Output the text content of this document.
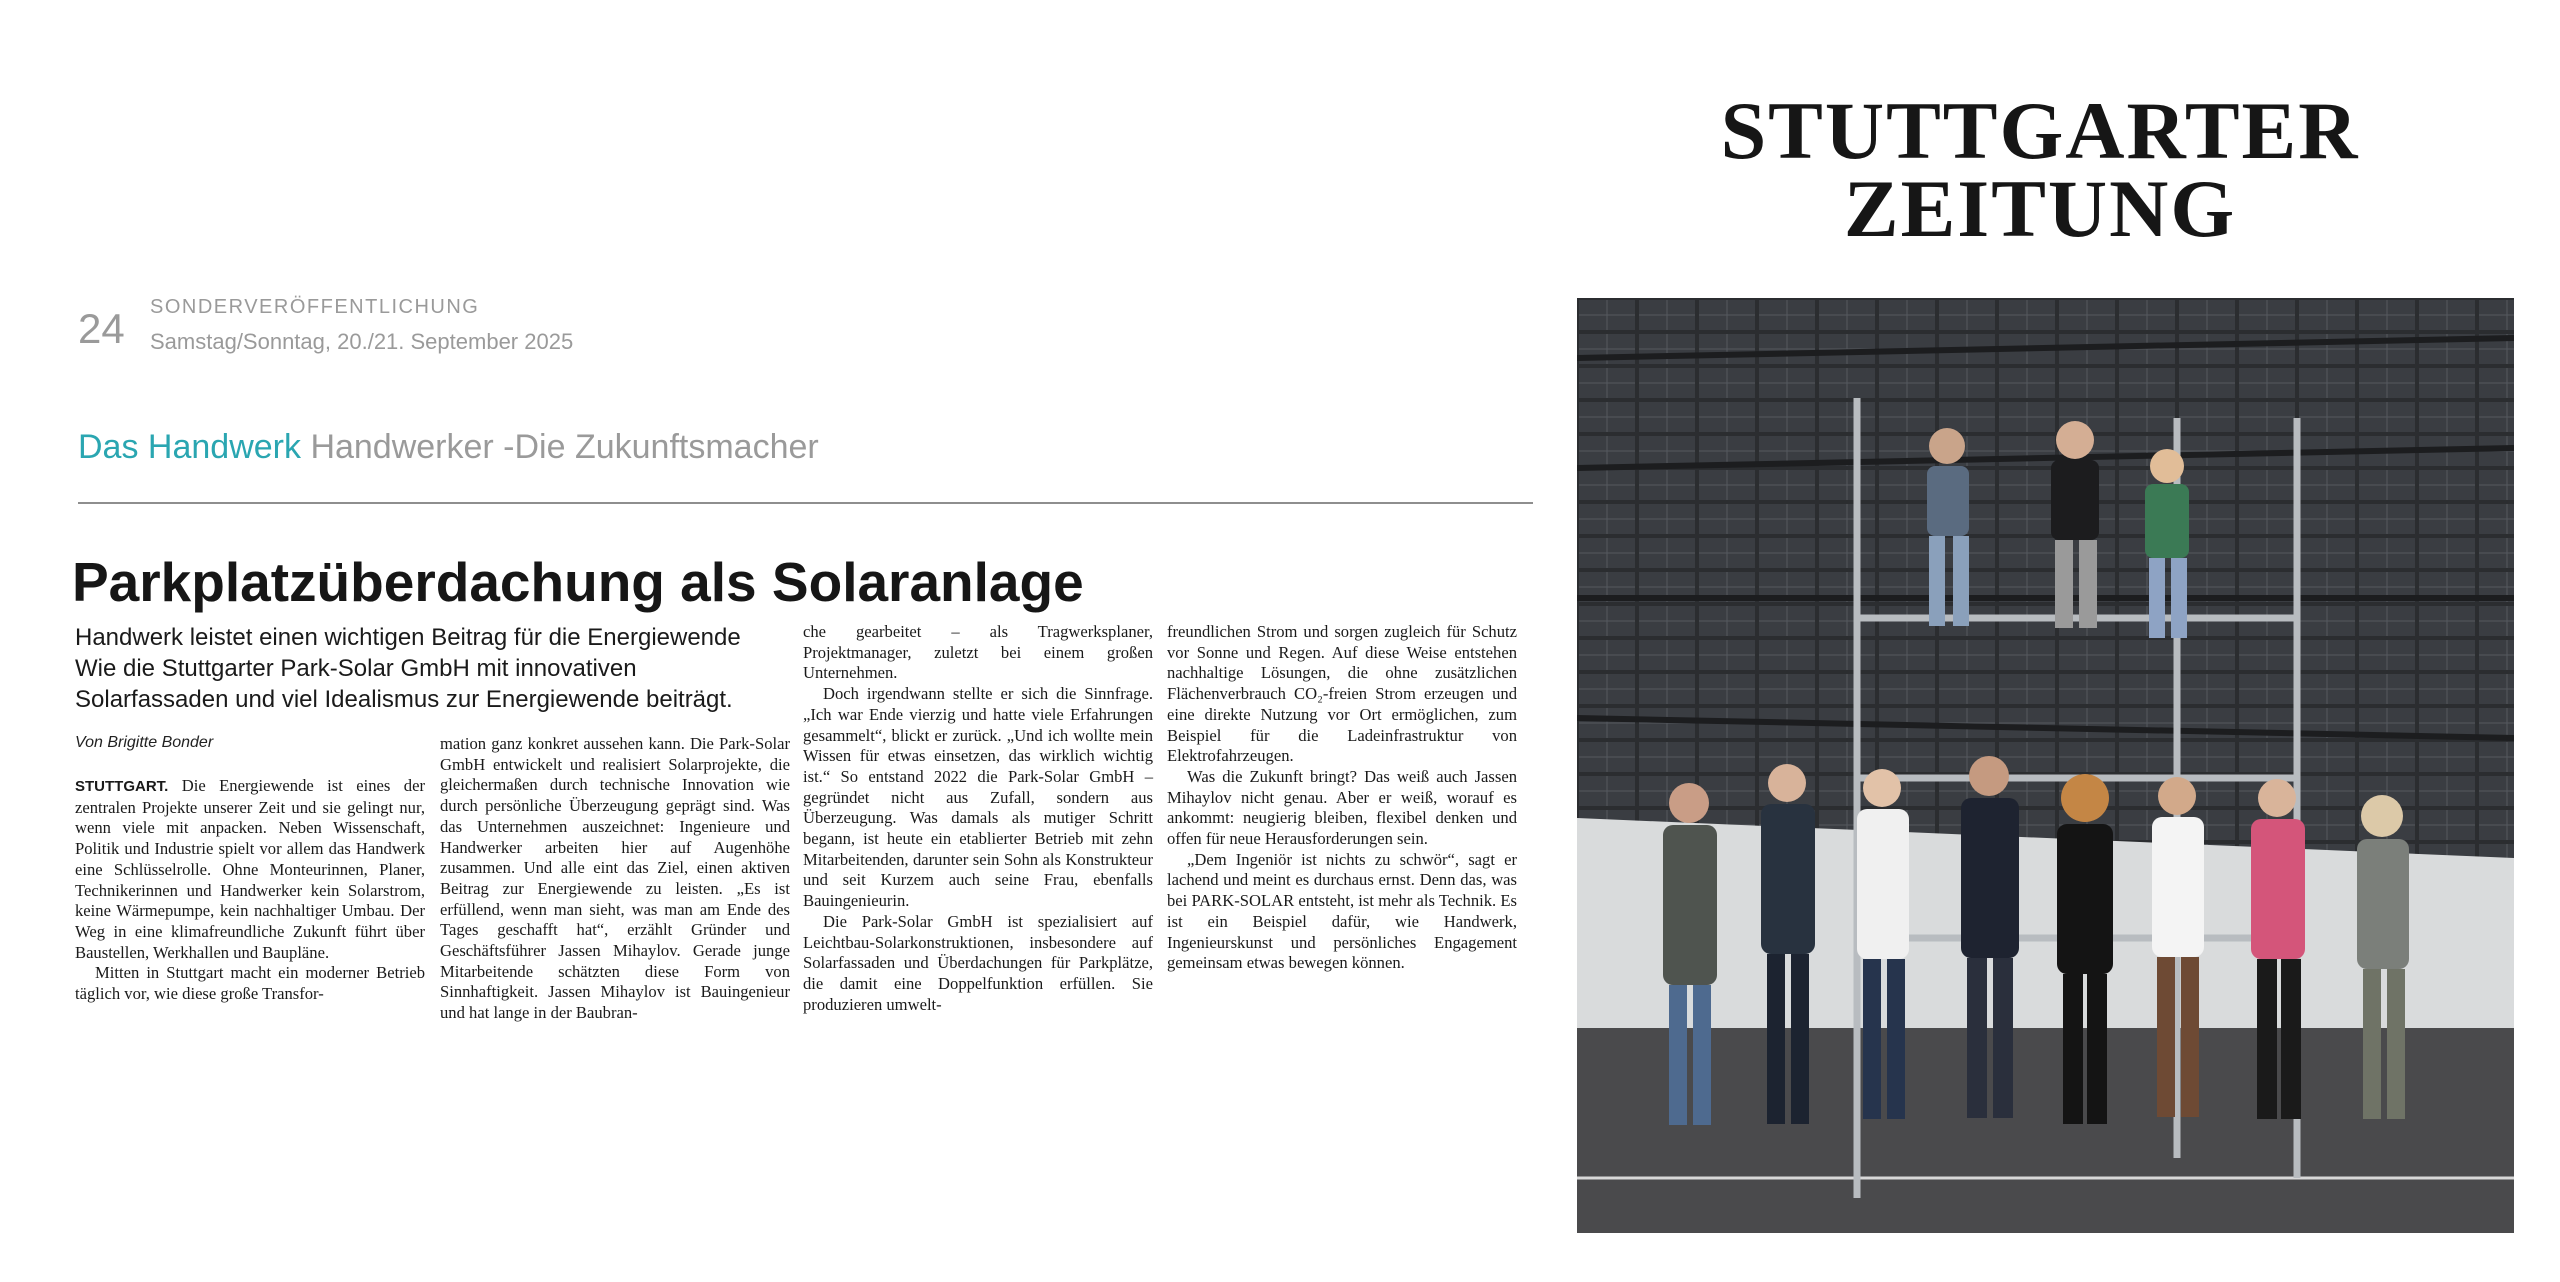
STUTTGARTER
ZEITUNG
24 SONDERVERÖFFENTLICHUNG
Samstag/Sonntag, 20./21. September 2025
Das Handwerk Handwerker -Die Zukunftsmacher
Parkplatzüberdachung als Solaranlage
Handwerk leistet einen wichtigen Beitrag für die Energiewende Wie die Stuttgarter Park-Solar GmbH mit innovativen Solarfassaden und viel Idealismus zur Energiewende beiträgt.
Von Brigitte Bonder

STUTTGART. Die Energiewende ist eines der zentralen Projekte unserer Zeit und sie gelingt nur, wenn viele mit anpacken. Neben Wissenschaft, Politik und Industrie spielt vor allem das Handwerk eine Schlüsselrolle. Ohne Monteurinnen, Planer, Technikerinnen und Handwerker kein Solarstrom, keine Wärmepumpe, kein nachhaltiger Umbau. Der Weg in eine klimafreundliche Zukunft führt über Baustellen, Werkhallen und Baupläne.

Mitten in Stuttgart macht ein moderner Betrieb täglich vor, wie diese große Transfor-

mation ganz konkret aussehen kann. Die Park-Solar GmbH entwickelt und realisiert Solarprojekte, die gleichermaßen durch technische Innovation wie durch persönliche Überzeugung geprägt sind. Was das Unternehmen auszeichnet: Ingenieure und Handwerker arbeiten hier auf Augenhöhe zusammen. Und alle eint das Ziel, einen aktiven Beitrag zur Energiewende zu leisten. „Es ist erfüllend, wenn man sieht, was man am Ende des Tages geschafft hat“, erzählt Gründer und Geschäftsführer Jassen Mihaylov. Gerade junge Mitarbeitende schätzten diese Form von Sinnhaftigkeit. Jassen Mihaylov ist Bauingenieur und hat lange in der Baubran-

che gearbeitet – als Tragwerksplaner, Projektmanager, zuletzt bei einem großen Unternehmen.

Doch irgendwann stellte er sich die Sinnfrage. „Ich war Ende vierzig und hatte viele Erfahrungen gesammelt“, blickt er zurück. „Und ich wollte mein Wissen für etwas einsetzen, das wirklich wichtig ist.“ So entstand 2022 die Park-Solar GmbH – gegründet nicht aus Zufall, sondern aus Überzeugung. Was damals als mutiger Schritt begann, ist heute ein etablierter Betrieb mit zehn Mitarbeitenden, darunter sein Sohn als Konstrukteur und seit Kurzem auch seine Frau, ebenfalls Bauingenieurin.

Die Park-Solar GmbH ist spezialisiert auf Leichtbau-Solarkonstruktionen, insbesondere auf Solarfassaden und Überdachungen für Parkplätze, die damit eine Doppelfunktion erfüllen. Sie produzieren umwelt-

freundlichen Strom und sorgen zugleich für Schutz vor Sonne und Regen. Auf diese Weise entstehen nachhaltige Lösungen, die ohne zusätzlichen Flächenverbrauch CO₂-freien Strom erzeugen und eine direkte Nutzung vor Ort ermöglichen, zum Beispiel für die Ladeinfrastruktur von Elektrofahrzeugen.

Was die Zukunft bringt? Das weiß auch Jassen Mihaylov nicht genau. Aber er weiß, worauf es ankommt: neugierig bleiben, flexibel denken und offen für neue Herausforderungen sein.

„Dem Ingeniör ist nichts zu schwör“, sagt er lachend und meint es durchaus ernst. Denn das, was bei PARK-SOLAR entsteht, ist mehr als Technik. Es ist ein Beispiel dafür, wie Handwerk, Ingenieurskunst und persönliches Engagement gemeinsam etwas bewegen können.
